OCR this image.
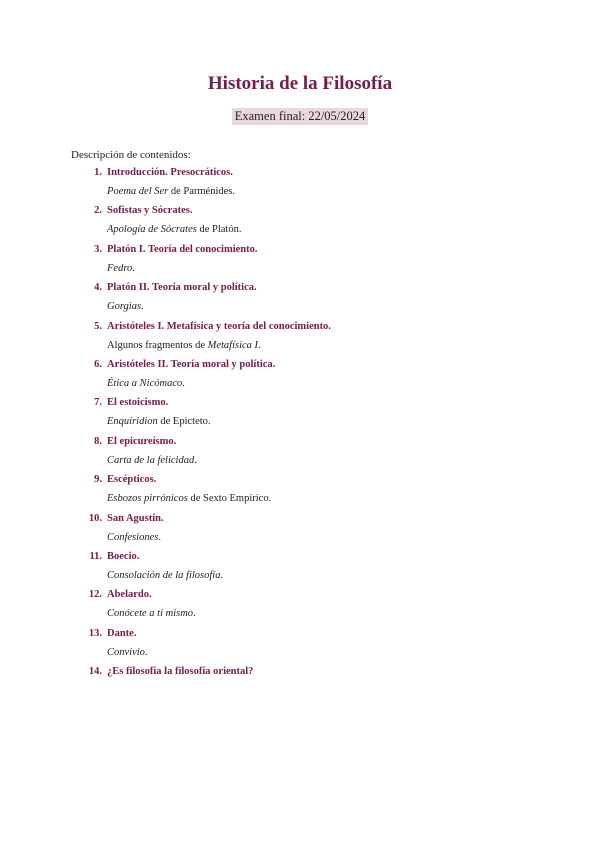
Historia de la Filosofía
Examen final: 22/05/2024
Descripción de contenidos:
1. Introducción. Presocráticos.
Poema del Ser de Parménides.
2. Sofistas y Sócrates.
Apología de Sócrates de Platón.
3. Platón I. Teoría del conocimiento.
Fedro.
4. Platón II. Teoría moral y política.
Gorgias.
5. Aristóteles I. Metafísica y teoría del conocimiento.
Algunos fragmentos de Metafísica I.
6. Aristóteles II. Teoría moral y política.
Ética a Nicómaco.
7. El estoicismo.
Enquiridion de Epicteto.
8. El epicureísmo.
Carta de la felicidad.
9. Escépticos.
Esbozos pirrónicos de Sexto Empírico.
10. San Agustín.
Confesiones.
11. Boecio.
Consolación de la filosofía.
12. Abelardo.
Conócete a ti mismo.
13. Dante.
Convivio.
14. ¿Es filosofía la filosofía oriental?
